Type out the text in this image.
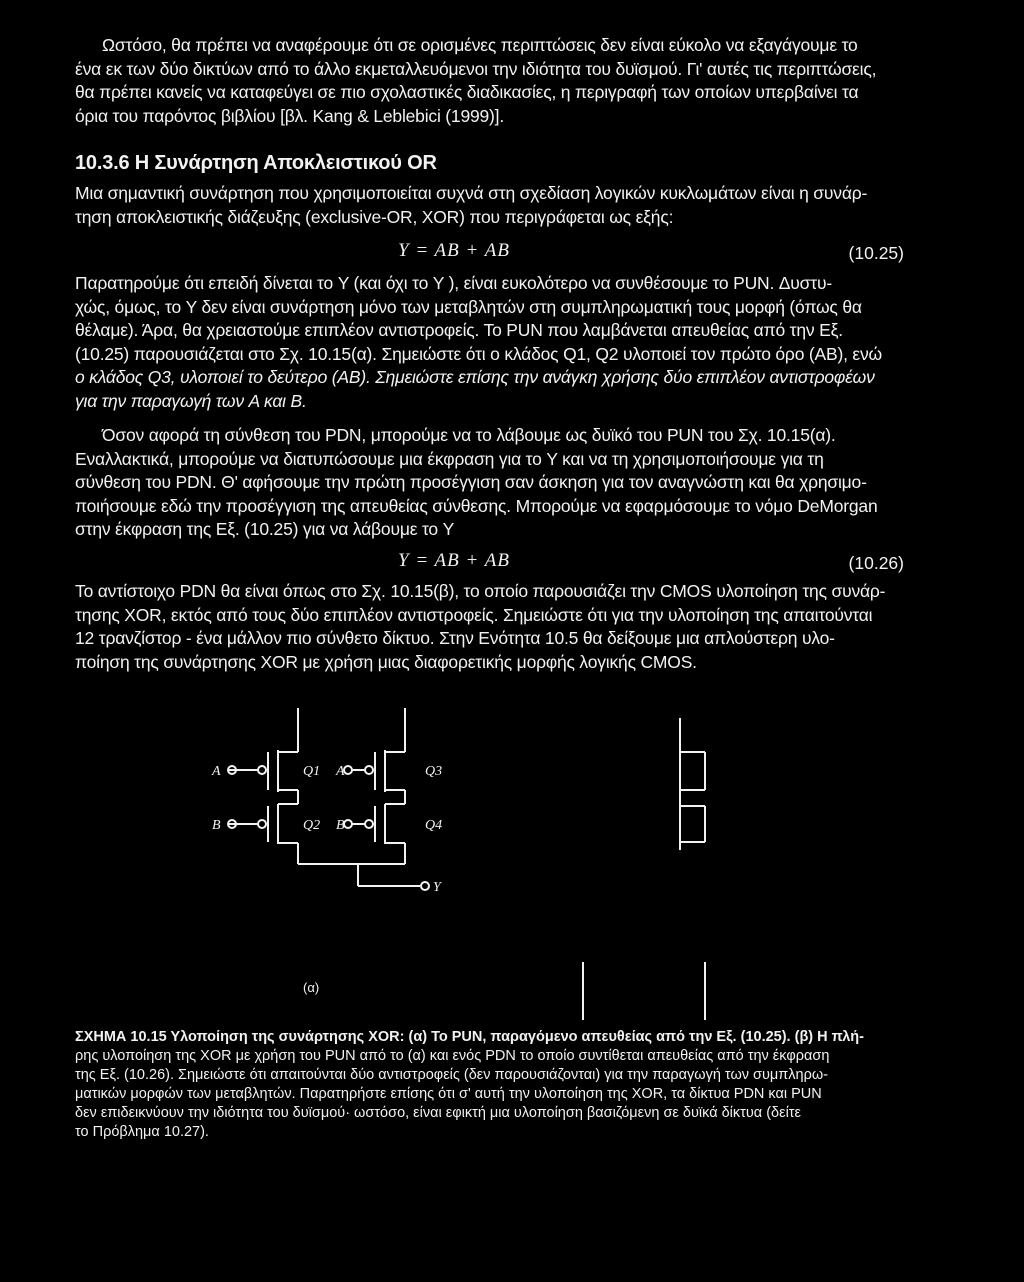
Ωστόσο, θα πρέπει να αναφέρουμε ότι σε ορισμένες περιπτώσεις δεν είναι εύκολο να εξαγάγουμε το
ένα εκ των δύο δικτύων από το άλλο εκμεταλλευόμενοι την ιδιότητα του δυϊσμού. Γι' αυτές τις περιπτώσεις,
θα πρέπει κανείς να καταφεύγει σε πιο σχολαστικές διαδικασίες, η περιγραφή των οποίων υπερβαίνει τα
όρια του παρόντος βιβλίου [βλ. Kang & Leblebici (1999)].
10.3.6 Η Συνάρτηση Αποκλειστικού OR
Μια σημαντική συνάρτηση που χρησιμοποιείται συχνά στη σχεδίαση λογικών κυκλωμάτων είναι η συνάρ-
τηση αποκλειστικής διάζευξης (exclusive-OR, XOR) που περιγράφεται ως εξής:
Y = AB + AB	(10.25)
Παρατηρούμε ότι επειδή δίνεται το Y (και όχι το Y ), είναι ευκολότερο να συνθέσουμε το PUN. Δυστυ-
χώς, όμως, το Y δεν είναι συνάρτηση μόνο των μεταβλητών στη συμπληρωματική τους μορφή (όπως θα
θέλαμε). Άρα, θα χρειαστούμε επιπλέον αντιστροφείς. Το PUN που λαμβάνεται απευθείας από την Εξ.
(10.25) παρουσιάζεται στο Σχ. 10.15(α). Σημειώστε ότι ο κλάδος Q1, Q2 υλοποιεί τον πρώτο όρο (AB), ενώ
ο κλάδος Q3, υλοποιεί το δεύτερο (AB). Σημειώστε επίσης την ανάγκη χρήσης δύο επιπλέον αντιστροφέων
για την παραγωγή των A και B.
Όσον αφορά τη σύνθεση του PDN, μπορούμε να το λάβουμε ως δυϊκό του PUN του Σχ. 10.15(α).
Εναλλακτικά, μπορούμε να διατυπώσουμε μια έκφραση για το Y και να τη χρησιμοποιήσουμε για τη
σύνθεση του PDN. Θ' αφήσουμε την πρώτη προσέγγιση σαν άσκηση για τον αναγνώστη και θα χρησιμο-
ποιήσουμε εδώ την προσέγγιση της απευθείας σύνθεσης. Μπορούμε να εφαρμόσουμε το νόμο DeMorgan
στην έκφραση της Εξ. (10.25) για να λάβουμε το Y
Y = AB + AB	(10.26)
Το αντίστοιχο PDN θα είναι όπως στο Σχ. 10.15(β), το οποίο παρουσιάζει την CMOS υλοποίηση της συνάρ-
τησης XOR, εκτός από τους δύο επιπλέον αντιστροφείς. Σημειώστε ότι για την υλοποίηση της απαιτούνται
12 τρανζίστορ - ένα μάλλον πιο σύνθετο δίκτυο. Στην Ενότητα 10.5 θα δείξουμε μια απλούστερη υλο-
ποίηση της συνάρτησης XOR με χρήση μιας διαφορετικής μορφής λογικής CMOS.
A
B
Q1
Q2
A
B
Q3
Q4
Y
(α)
ΣΧΗΜΑ 10.15 Υλοποίηση της συνάρτησης XOR: (α) Το PUN, παραγόμενο απευθείας από την Εξ. (10.25). (β) Η πλή-
ρης υλοποίηση της XOR με χρήση του PUN από το (α) και ενός PDN το οποίο συντίθεται απευθείας από την έκφραση
της Εξ. (10.26). Σημειώστε ότι απαιτούνται δύο αντιστροφείς (δεν παρουσιάζονται) για την παραγωγή των συμπληρω-
ματικών μορφών των μεταβλητών. Παρατηρήστε επίσης ότι σ' αυτή την υλοποίηση της XOR, τα δίκτυα PDN και PUN
δεν επιδεικνύουν την ιδιότητα του δυϊσμού· ωστόσο, είναι εφικτή μια υλοποίηση βασιζόμενη σε δυϊκά δίκτυα (δείτε
το Πρόβλημα 10.27).
